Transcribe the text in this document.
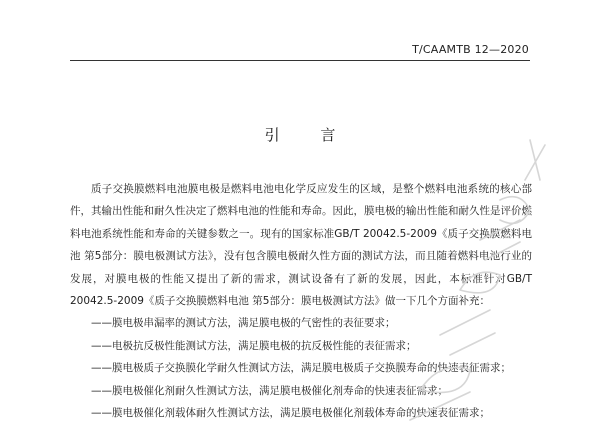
T/CAAMTB 12—2020
引 言

质子交换膜燃料电池膜电极是燃料电池电化学反应发生的区域，是整个燃料电池系统的核心部件，其输出性能和耐久性决定了燃料电池的性能和寿命。因此，膜电极的输出性能和耐久性是评价燃料电池系统性能和寿命的关键参数之一。现有的国家标准GB/T 20042.5-2009《质子交换膜燃料电池 第5部分：膜电极测试方法》，没有包含膜电极耐久性方面的测试方法，而且随着燃料电池行业的发展，对膜电极的性能又提出了新的需求，测试设备有了新的发展，因此，本标准针对GB/T 20042.5-2009《质子交换膜燃料电池 第5部分：膜电极测试方法》做一下几个方面补充：

——膜电极串漏率的测试方法，满足膜电极的气密性的表征要求；
——电极抗反极性能测试方法，满足膜电极的抗反极性能的表征需求；
——膜电极质子交换膜化学耐久性测试方法，满足膜电极质子交换膜寿命的快速表征需求；
——膜电极催化剂耐久性测试方法，满足膜电极催化剂寿命的快速表征需求；
——膜电极催化剂载体耐久性测试方法，满足膜电极催化剂载体寿命的快速表征需求；
